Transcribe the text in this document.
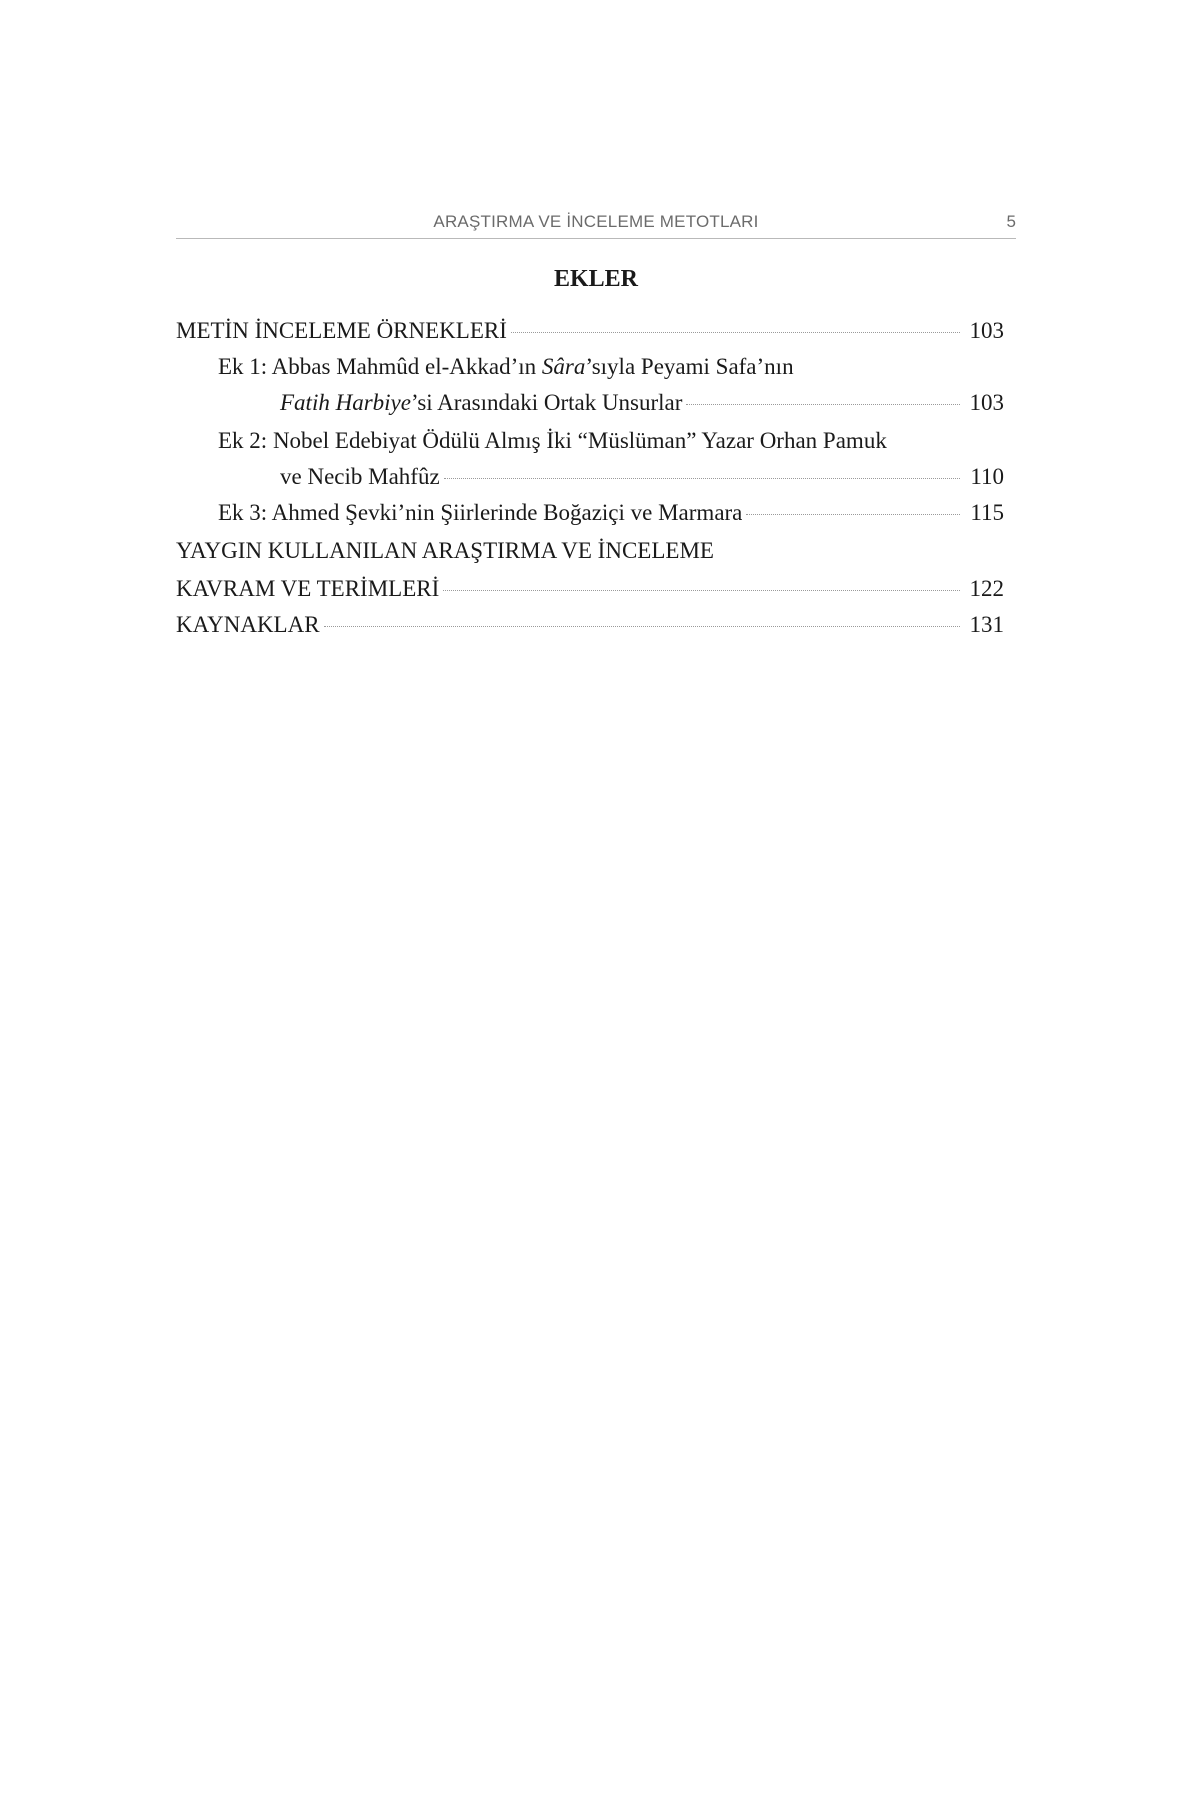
ARAŞTIRMA VE İNCELEME METOTLARI	5
EKLER
METİN İNCELEME ÖRNEKLERİ	103
Ek 1: Abbas Mahmûd el-Akkad’ın Sâra’sıyla Peyami Safa’nın
Fatih Harbiye’si Arasındaki Ortak Unsurlar	103
Ek 2: Nobel Edebiyat Ödülü Almış İki “Müslüman” Yazar Orhan Pamuk
ve Necib Mahfûz	110
Ek 3: Ahmed Şevki’nin Şiirlerinde Boğaziçi ve Marmara	115
YAYGIN KULLANILAN ARAŞTIRMA VE İNCELEME
KAVRAM VE TERİMLERİ	122
KAYNAKLAR	131
